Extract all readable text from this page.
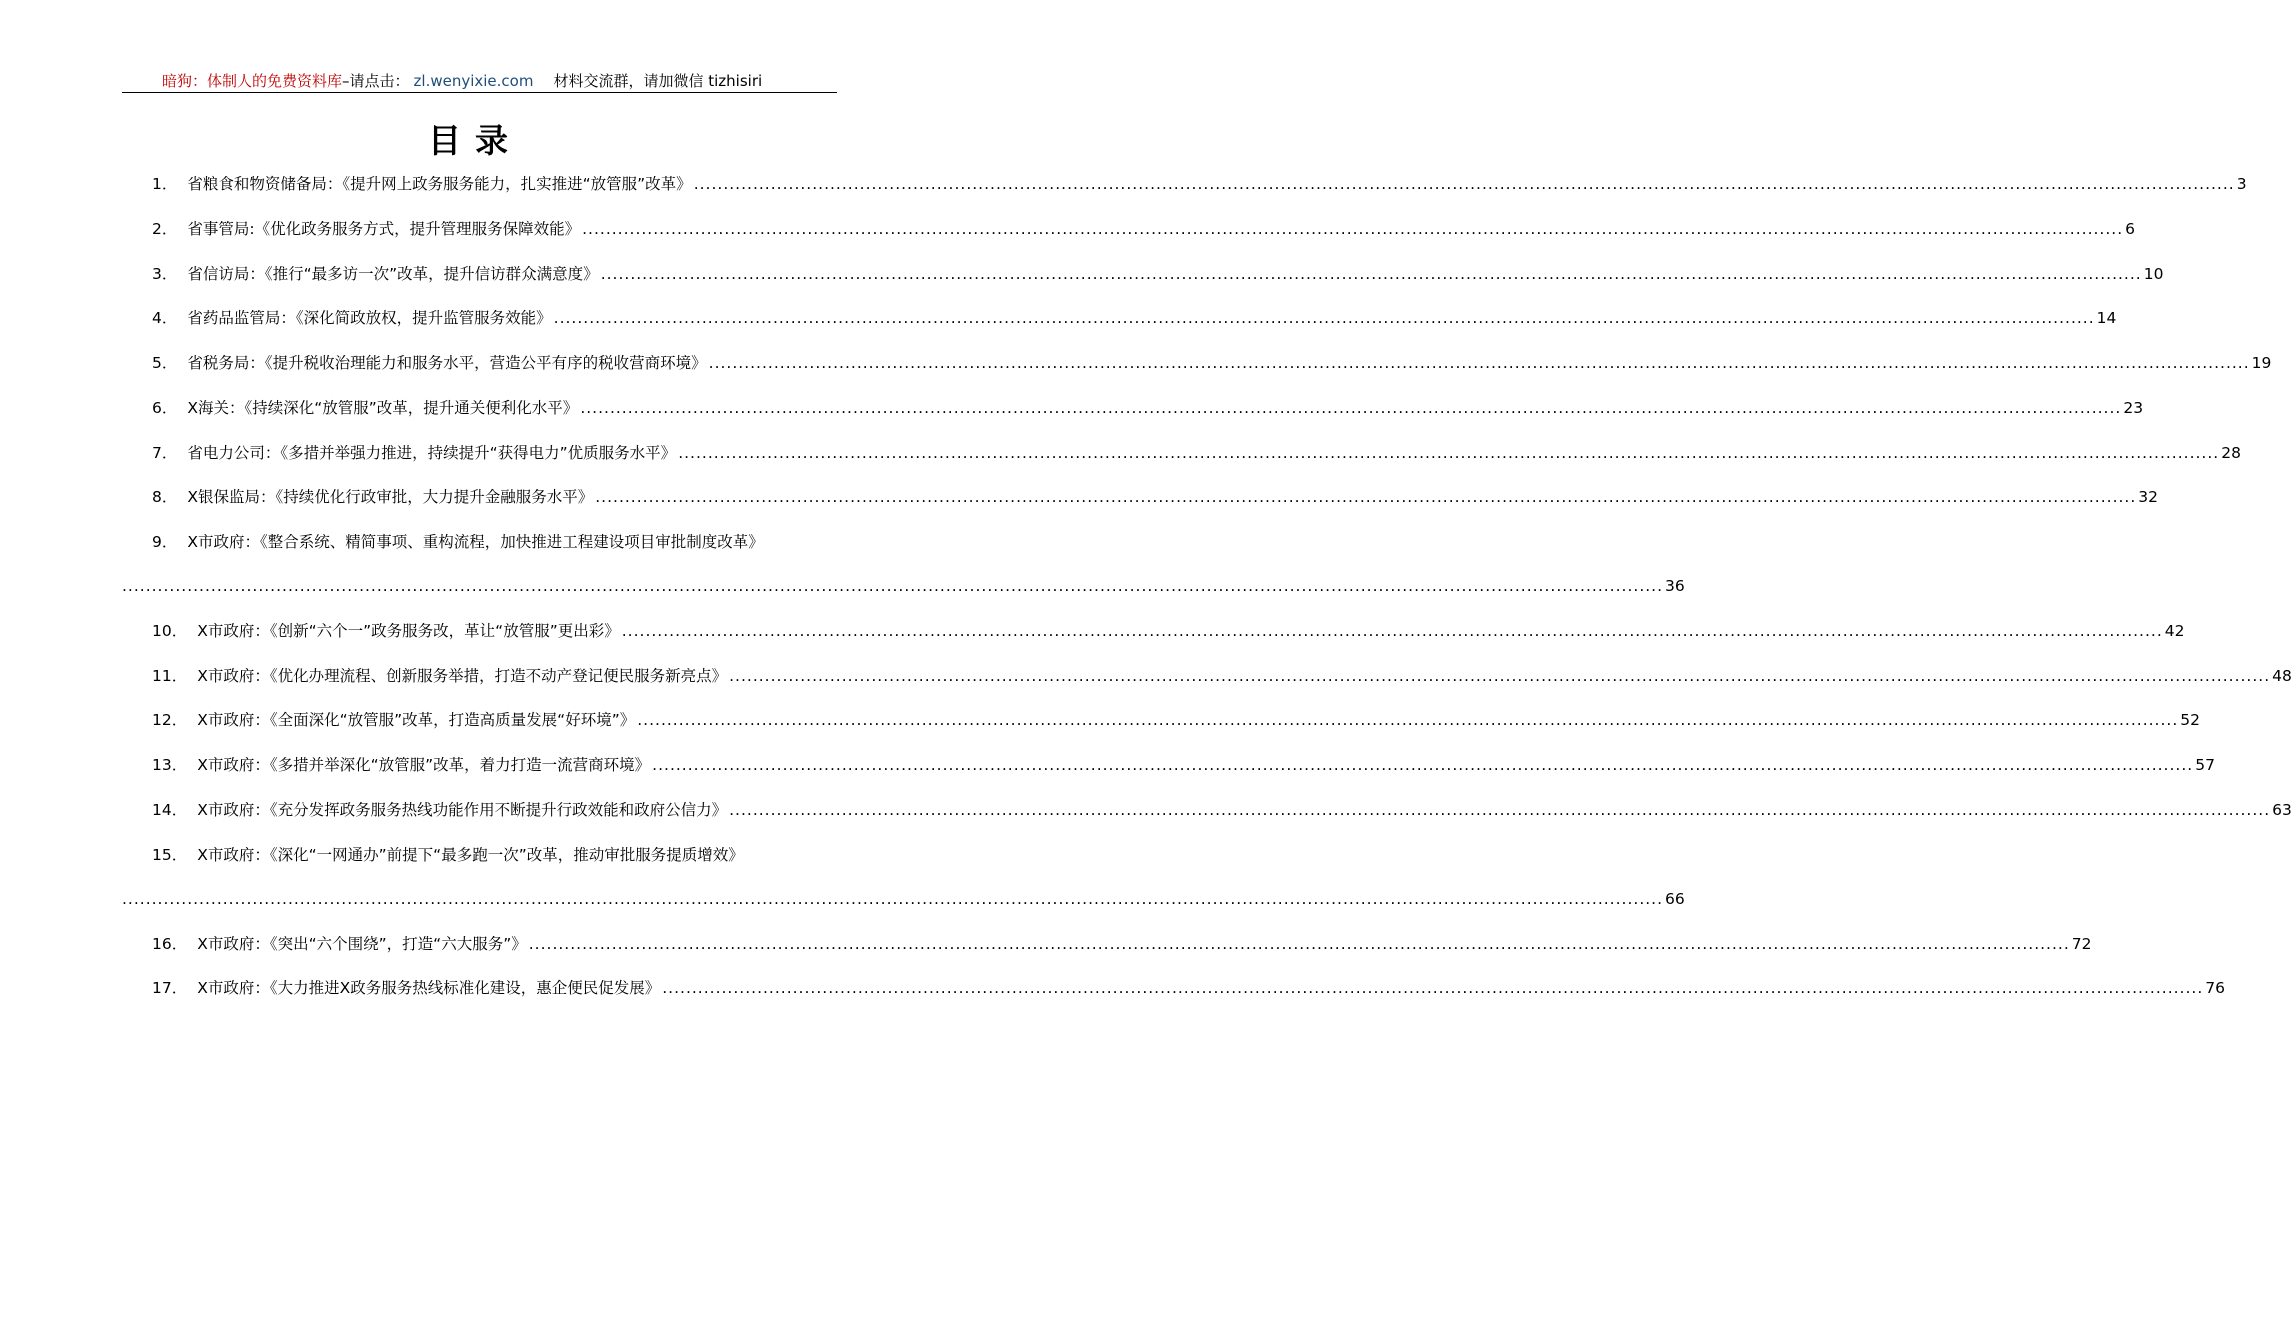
暗狗：体制人的免费资料库–请点击： zl.wenyixie.com 材料交流群，请加微信 tizhisiri
目录
1． 省粮食和物资储备局：《提升网上政务服务能力，扎实推进“放管服”改革》 .................................................................................................................................................................................................................................................................... 3
2． 省事管局:《优化政务服务方式，提升管理服务保障效能》 .................................................................................................................................................................................................................................................................... 6
3． 省信访局：《推行“最多访一次”改革，提升信访群众满意度》 .................................................................................................................................................................................................................................................................... 10
4． 省药品监管局：《深化简政放权，提升监管服务效能》 .................................................................................................................................................................................................................................................................... 14
5． 省税务局：《提升税收治理能力和服务水平，营造公平有序的税收营商环境》 .................................................................................................................................................................................................................................................................... 19
6． X海关：《持续深化“放管服”改革，提升通关便利化水平》 .................................................................................................................................................................................................................................................................... 23
7． 省电力公司：《多措并举强力推进，持续提升“获得电力”优质服务水平》 .................................................................................................................................................................................................................................................................... 28
8． X银保监局：《持续优化行政审批，大力提升金融服务水平》 .................................................................................................................................................................................................................................................................... 32
9． X市政府：《整合系统、精简事项、重构流程，加快推进工程建设项目审批制度改革》
.................................................................................................................................................................................................................................................................... 36
10． X市政府：《创新“六个一”政务服务改，革让“放管服”更出彩》 .................................................................................................................................................................................................................................................................... 42
11． X市政府：《优化办理流程、创新服务举措，打造不动产登记便民服务新亮点》 .................................................................................................................................................................................................................................................................... 48
12． X市政府：《全面深化“放管服”改革，打造高质量发展“好环境”》 .................................................................................................................................................................................................................................................................... 52
13． X市政府：《多措并举深化“放管服”改革，着力打造一流营商环境》 .................................................................................................................................................................................................................................................................... 57
14． X市政府：《充分发挥政务服务热线功能作用不断提升行政效能和政府公信力》 .................................................................................................................................................................................................................................................................... 63
15． X市政府：《深化“一网通办”前提下“最多跑一次”改革，推动审批服务提质增效》
.................................................................................................................................................................................................................................................................... 66
16． X市政府：《突出“六个围绕”，打造“六大服务”》 .................................................................................................................................................................................................................................................................... 72
17． X市政府：《大力推进X政务服务热线标准化建设，惠企便民促发展》 .................................................................................................................................................................................................................................................................... 76
